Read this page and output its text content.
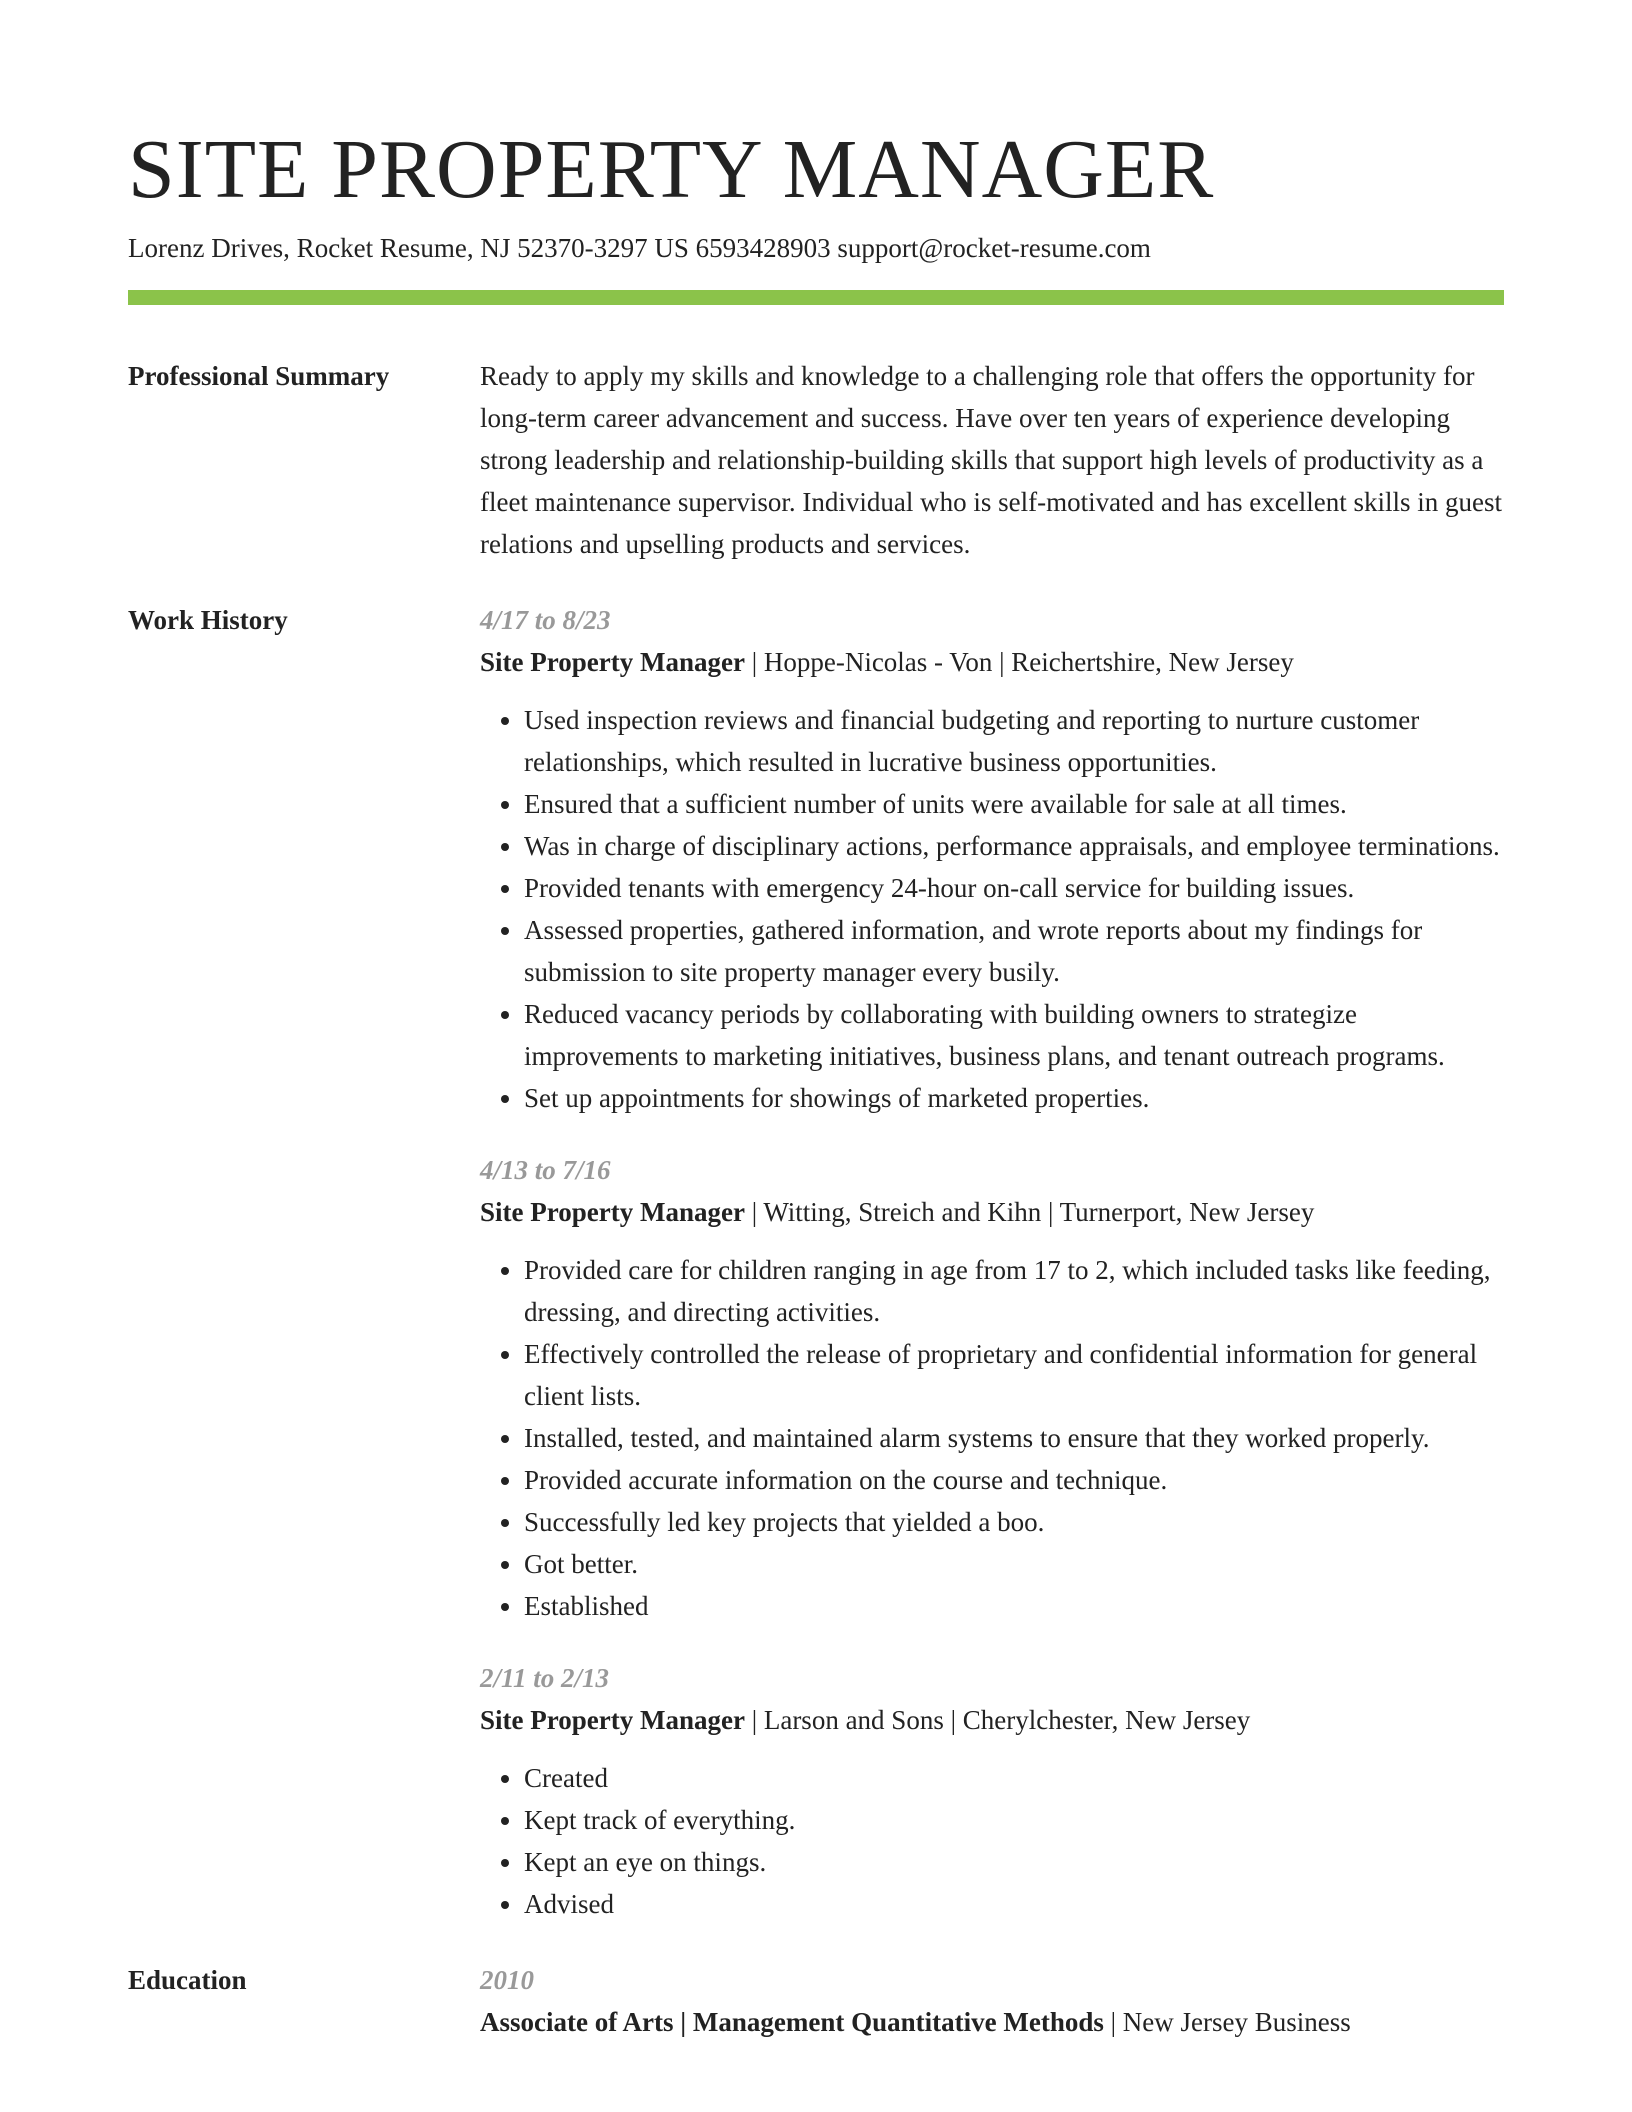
SITE PROPERTY MANAGER
Lorenz Drives, Rocket Resume, NJ 52370-3297 US 6593428903 support@rocket-resume.com
Professional Summary	Ready to apply my skills and knowledge to a challenging role that offers the opportunity for long-term career advancement and success. Have over ten years of experience developing strong leadership and relationship-building skills that support high levels of productivity as a fleet maintenance supervisor. Individual who is self-motivated and has excellent skills in guest relations and upselling products and services.

Work History	4/17 to 8/23
Site Property Manager | Hoppe-Nicolas - Von | Reichertshire, New Jersey
• Used inspection reviews and financial budgeting and reporting to nurture customer relationships, which resulted in lucrative business opportunities.
• Ensured that a sufficient number of units were available for sale at all times.
• Was in charge of disciplinary actions, performance appraisals, and employee terminations.
• Provided tenants with emergency 24-hour on-call service for building issues.
• Assessed properties, gathered information, and wrote reports about my findings for submission to site property manager every busily.
• Reduced vacancy periods by collaborating with building owners to strategize improvements to marketing initiatives, business plans, and tenant outreach programs.
• Set up appointments for showings of marketed properties.
4/13 to 7/16
Site Property Manager | Witting, Streich and Kihn | Turnerport, New Jersey
• Provided care for children ranging in age from 17 to 2, which included tasks like feeding, dressing, and directing activities.
• Effectively controlled the release of proprietary and confidential information for general client lists.
• Installed, tested, and maintained alarm systems to ensure that they worked properly.
• Provided accurate information on the course and technique.
• Successfully led key projects that yielded a boo.
• Got better.
• Established
2/11 to 2/13
Site Property Manager | Larson and Sons | Cherylchester, New Jersey
• Created
• Kept track of everything.
• Kept an eye on things.
• Advised
Education	2010
Associate of Arts | Management Quantitative Methods | New Jersey Business
